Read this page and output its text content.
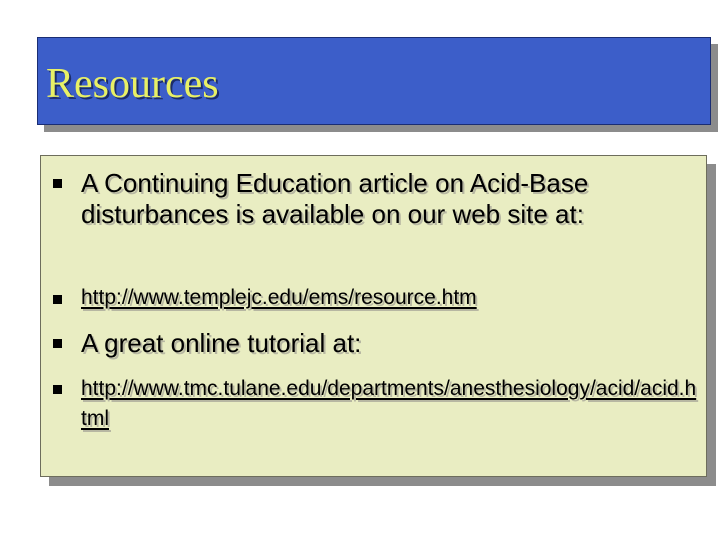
Resources
A Continuing Education article on Acid-Base disturbances is available on our web site at:
http://www.templejc.edu/ems/resource.htm
A great online tutorial at:
http://www.tmc.tulane.edu/departments/anesthesiology/acid/acid.html
